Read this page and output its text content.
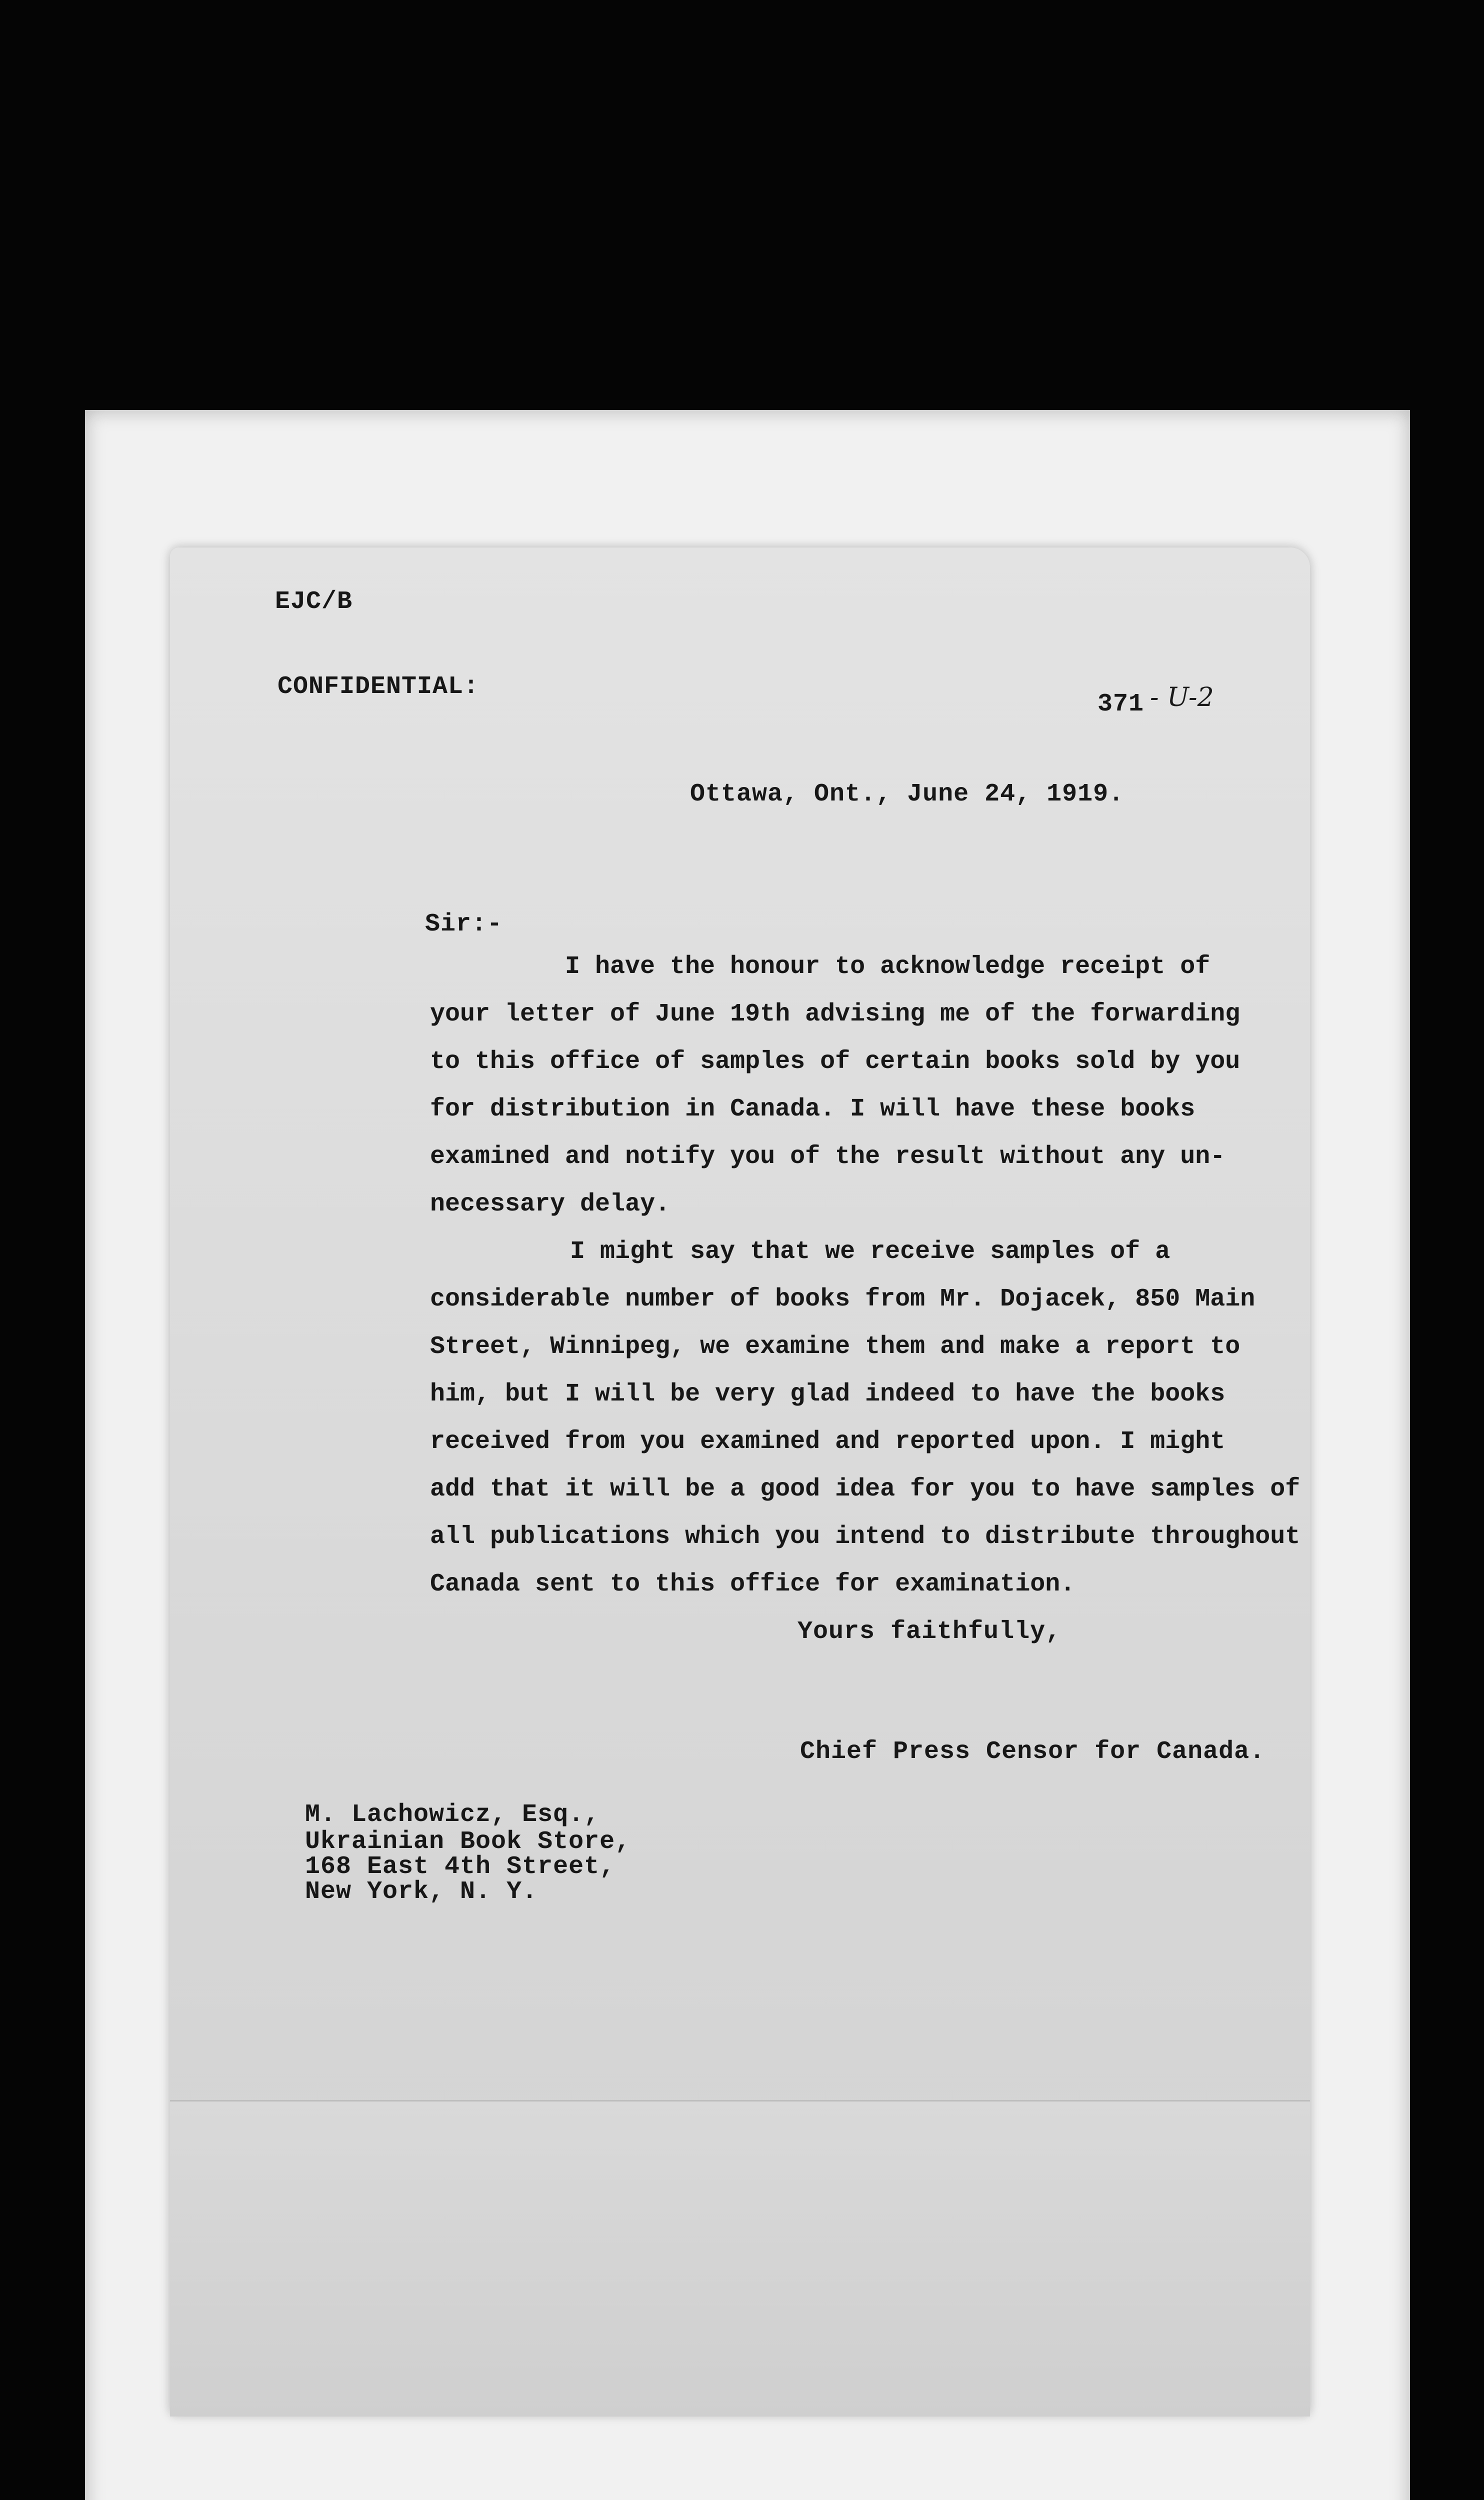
EJC/B
CONFIDENTIAL:
371 - U-2
Ottawa, Ont., June 24, 1919.
Sir:-
I have the honour to acknowledge receipt of
your letter of June 19th advising me of the forwarding
to this office of samples of certain books sold by you
for distribution in Canada. I will have these books
examined and notify you of the result without any un-
necessary delay.
I might say that we receive samples of a
considerable number of books from Mr. Dojacek, 850 Main
Street, Winnipeg, we examine them and make a report to
him, but I will be very glad indeed to have the books
received from you examined and reported upon. I might
add that it will be a good idea for you to have samples of
all publications which you intend to distribute throughout
Canada sent to this office for examination.
Yours faithfully,
Chief Press Censor for Canada.
M. Lachowicz, Esq.,
Ukrainian Book Store,
168 East 4th Street,
New York, N. Y.
